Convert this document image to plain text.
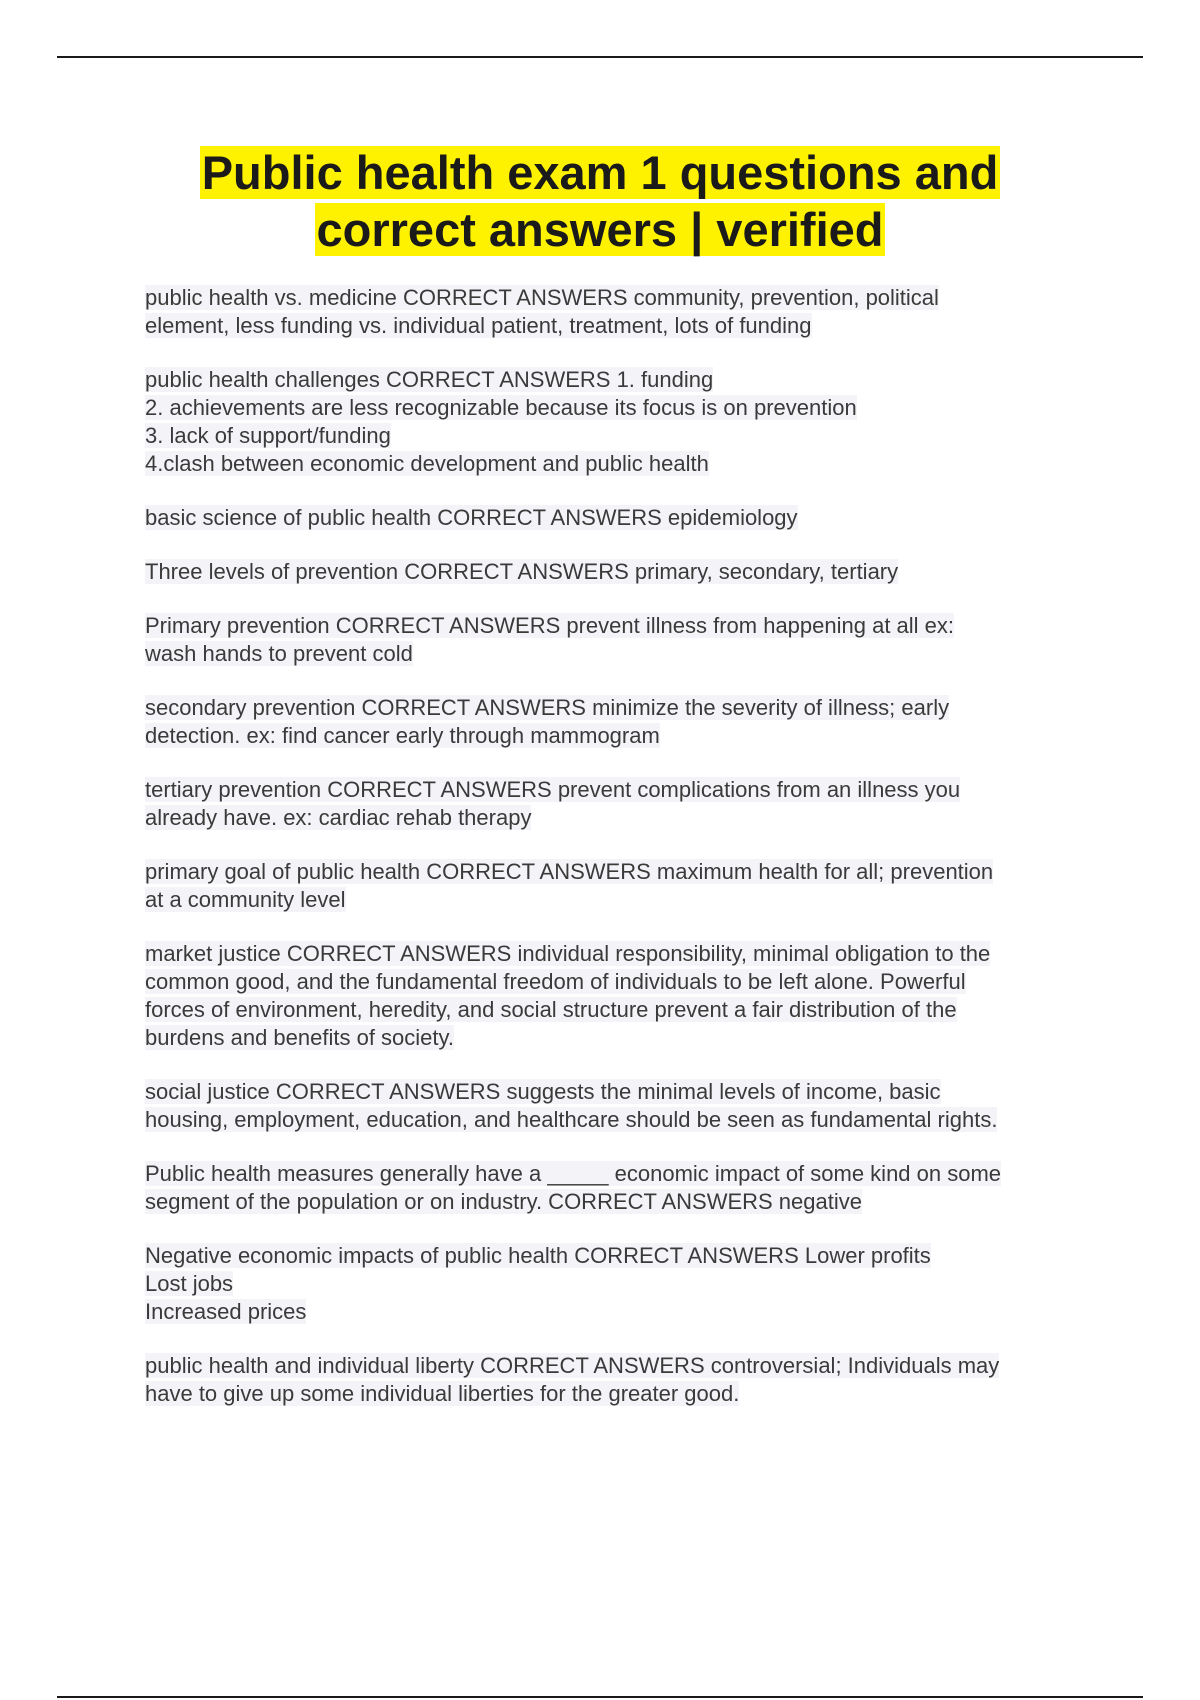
Public health exam 1 questions and
correct answers | verified

public health vs. medicine CORRECT ANSWERS community, prevention, political
element, less funding vs. individual patient, treatment, lots of funding

public health challenges CORRECT ANSWERS 1. funding
2. achievements are less recognizable because its focus is on prevention
3. lack of support/funding
4.clash between economic development and public health

basic science of public health CORRECT ANSWERS epidemiology

Three levels of prevention CORRECT ANSWERS primary, secondary, tertiary

Primary prevention CORRECT ANSWERS prevent illness from happening at all ex:
wash hands to prevent cold

secondary prevention CORRECT ANSWERS minimize the severity of illness; early
detection. ex: find cancer early through mammogram

tertiary prevention CORRECT ANSWERS prevent complications from an illness you
already have. ex: cardiac rehab therapy

primary goal of public health CORRECT ANSWERS maximum health for all; prevention
at a community level

market justice CORRECT ANSWERS individual responsibility, minimal obligation to the
common good, and the fundamental freedom of individuals to be left alone. Powerful
forces of environment, heredity, and social structure prevent a fair distribution of the
burdens and benefits of society.

social justice CORRECT ANSWERS suggests the minimal levels of income, basic
housing, employment, education, and healthcare should be seen as fundamental rights.

Public health measures generally have a _____ economic impact of some kind on some
segment of the population or on industry. CORRECT ANSWERS negative

Negative economic impacts of public health CORRECT ANSWERS Lower profits
Lost jobs
Increased prices

public health and individual liberty CORRECT ANSWERS controversial; Individuals may
have to give up some individual liberties for the greater good.
